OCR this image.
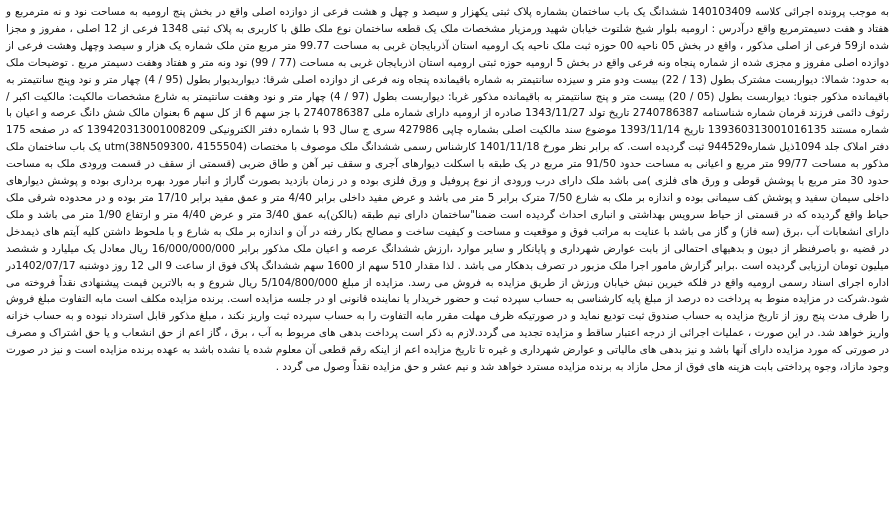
به موجب پرونده اجرائی کلاسه 140103409 ششدانگ یک باب ساختمان بشماره پلاک ثبتی یکهزار و سیصد و چهل و هشت فرعی از دوازده اصلی واقع در بخش پنج ارومیه به مساحت نود و نه مترمربع و هفتاد و هفت دسیمترمربع واقع درآدرس : ارومیه بلوار شیخ شلتوت خیابان شهید ورمزیار مشخصات ملک یک قطعه ساختمان نوع ملک طلق با کاربری به پلاک ثبتی 1348 فرعی از 12 اصلی ، مفروز و مجزا شده از59 فرعی از اصلی مذکور ، واقع در بخش 05 ناحیه 00 حوزه ثبت ملک ناحیه یک ارومیه استان آذربایجان غربی به مساحت 99.77 متر مربع متن ملک شماره یک هزار و سیصد وچهل وهشت فرعی از دوازده اصلی مفروز و مجزی شده از شماره پنجاه ونه فرعی واقع در بخش 5 ارومیه حوزه ثبتی ارومیه استان اذربایجان غربی به مساحت (77 / 99) نود ونه متر و هفتاد وهفت دسیمتر مربع . توضیحات ملک به حدود: شمالا: دیواربست مشترک بطول (13 / 22) بیست ودو متر و سیزده سانتیمتر به شماره باقیمانده پنجاه ونه فرعی از دوازده اصلی شرقا: دیواربدیوار بطول (95 / 4) چهار متر و نود وپنج سانتیمتر به باقیمانده مذکور جنوبا: دیواربست بطول (05 / 20) بیست متر و پنج سانتیمتر به باقیمانده مذکور غربا: دیواربست بطول (97 / 4) چهار متر و نود وهفت سانتیمتر به شارع مشخصات مالکیت: مالکیت اکبر / رئوف دائمی فرزند قرمان شماره شناسنامه 2740786387 تاریخ تولد 1343/11/27 صادره از ارومیه دارای شماره ملی 2740786387 با جز سهم 6 از کل سهم 6 بعنوان مالک شش دانگ عرصه و اعیان با شماره مستند 139360313001016135 تاریخ 1393/11/14 موضوع سند مالکیت اصلی بشماره چاپی 427986 سری ج سال 93 با شماره دفتر الکترونیکی 139420313001008209 که در صفحه 175 دفتر املاک جلد 1094ذیل شماره944529 ثبت گردیده است. که برابر نظر مورخ 1401/11/18 کارشناس رسمی ششدانگ ملک موصوف با مختصات (utm(38N509300، 4155504 یک باب ساختمان ملک مذکور به مساحت 99/77 متر مربع و اعیانی به مساحت حدود 91/50 متر مربع در یک طبقه با اسکلت دیوارهای آجری و سقف تیر آهن و طاق ضربی (قسمتی از سقف در قسمت ورودی ملک به مساحت حدود 30 متر مربع با پوشش قوطی و ورق های فلزی )می باشد ملک دارای درب ورودی از نوع پروفیل و ورق فلزی بوده و در زمان بازدید بصورت گاراژ و انبار مورد بهره برداری بوده و پوشش دیوارهای داخلی سیمان سفید و پوشش کف سیمانی بوده و اندازه بر ملک به شارع 7/50 مترک برابر 5 متر می باشد و عرض مفید داخلی برابر 4/40 متر و عمق مفید برابر 17/10 متر بوده و در محدوده شرقی ملک حیاط واقع گردیده که در قسمتی از حیاط سرویس بهداشتی و انباری احداث گردیده است ضمنا"ساختمان دارای نیم طبقه (بالکن)به عمق 3/40 متر و عرض 4/40 متر و ارتفاع 1/90 متر می باشد و ملک دارای انشعابات آب ،برق (سه فاز) و گاز می باشد با عنایت به مراتب فوق و موقعیت و مساحت و کیفیت ساخت و مصالح بکار رفته در آن و اندازه بر ملک به شارع و با ملحوظ داشتن کلیه آیتم های ذیمدخل در قضیه ،و باصرفنظر از دیون و بدهیهای احتمالی از بابت عوارض شهرداری و پایانکار و سایر موارد ،ارزش ششدانگ عرصه و اعیان ملک مذکور برابر 16/000/000/000 ریال معادل یک میلیارد و ششصد میلیون تومان ارزیابی گردیده است .برابر گزارش مامور اجرا ملک مزبور در تصرف بدهکار می باشد . لذا مقدار 510 سهم از 1600 سهم ششدانگ پلاک فوق از ساعت 9 الی 12 روز دوشنبه 1402/07/17در اداره اجرای اسناد رسمی ارومیه واقع در فلکه خیرین نبش خیابان ورزش از طریق مزایده به فروش می رسد. مزایده از مبلغ 5/104/800/000 ریال شروع و به بالاترین قیمت پیشنهادی نقداً فروخته می شود.شرکت در مزایده منوط به پرداخت ده درصد از مبلغ پایه کارشناسی به حساب سپرده ثبت و حضور خریدار یا نماینده قانونی او در جلسه مزایده است. برنده مزایده مکلف است مابه التفاوت مبلغ فروش را ظرف مدت پنج روز از تاریخ مزایده به حساب صندوق ثبت تودیع نماید و در صورتیکه ظرف مهلت مقرر مابه التفاوت را به حساب سپرده ثبت واریز نکند ، مبلغ مذکور قابل استرداد نبوده و به حساب خزانه واریز خواهد شد. در این صورت ، عملیات اجرائی از درجه اعتبار ساقط و مزایده تجدید می گردد.لازم به ذکر است پرداخت بدهی های مربوط به آب ، برق ، گاز اعم از حق انشعاب و یا حق اشتراک و مصرف در صورتی که مورد مزایده دارای آنها باشد و نیز بدهی های مالیاتی و عوارض شهرداری و غیره تا تاریخ مزایده اعم از اینکه رقم قطعی آن معلوم شده یا نشده باشد به عهده برنده مزایده است و نیز در صورت وجود مازاد، وجوه پرداختی بابت هزینه های فوق از محل مازاد به برنده مزایده مسترد خواهد شد و نیم عشر و حق مزایده نقداً وصول می گردد .
